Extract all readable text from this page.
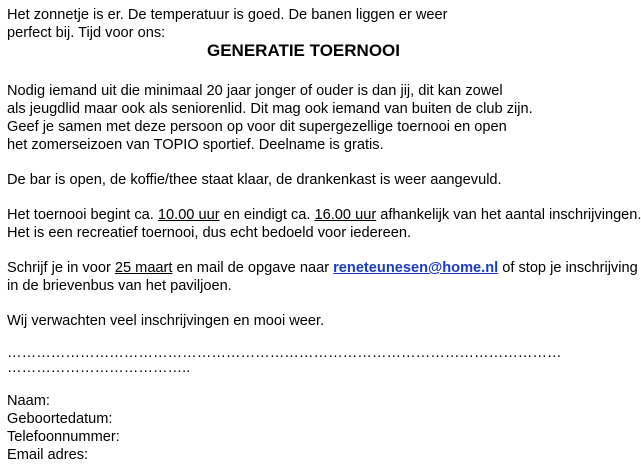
Het zonnetje is er. De temperatuur is goed. De banen liggen er weer
perfect bij. Tijd voor ons:
GENERATIE TOERNOOI
Nodig iemand uit die minimaal 20 jaar jonger of ouder is dan jij, dit kan zowel
als jeugdlid maar ook als seniorenlid. Dit mag ook iemand van buiten de club zijn.
Geef je samen met deze persoon op voor dit supergezellige toernooi en open
het zomerseizoen van TOPIO sportief. Deelname is gratis.
De bar is open, de koffie/thee staat klaar, de drankenkast is weer aangevuld.
Het toernooi begint ca. 10.00 uur en eindigt ca. 16.00 uur afhankelijk van het aantal inschrijvingen.
Het is een recreatief toernooi, dus echt bedoeld voor iedereen.
Schrijf je in voor 25 maart en mail de opgave naar reneteunesen@home.nl of stop je inschrijving
in de brievenbus van het paviljoen.
Wij verwachten veel inschrijvingen en mooi weer.
……………………………………………………………………………………………………
………………………………..
Naam:
Geboortedatum:
Telefoonnummer:
Email adres:
